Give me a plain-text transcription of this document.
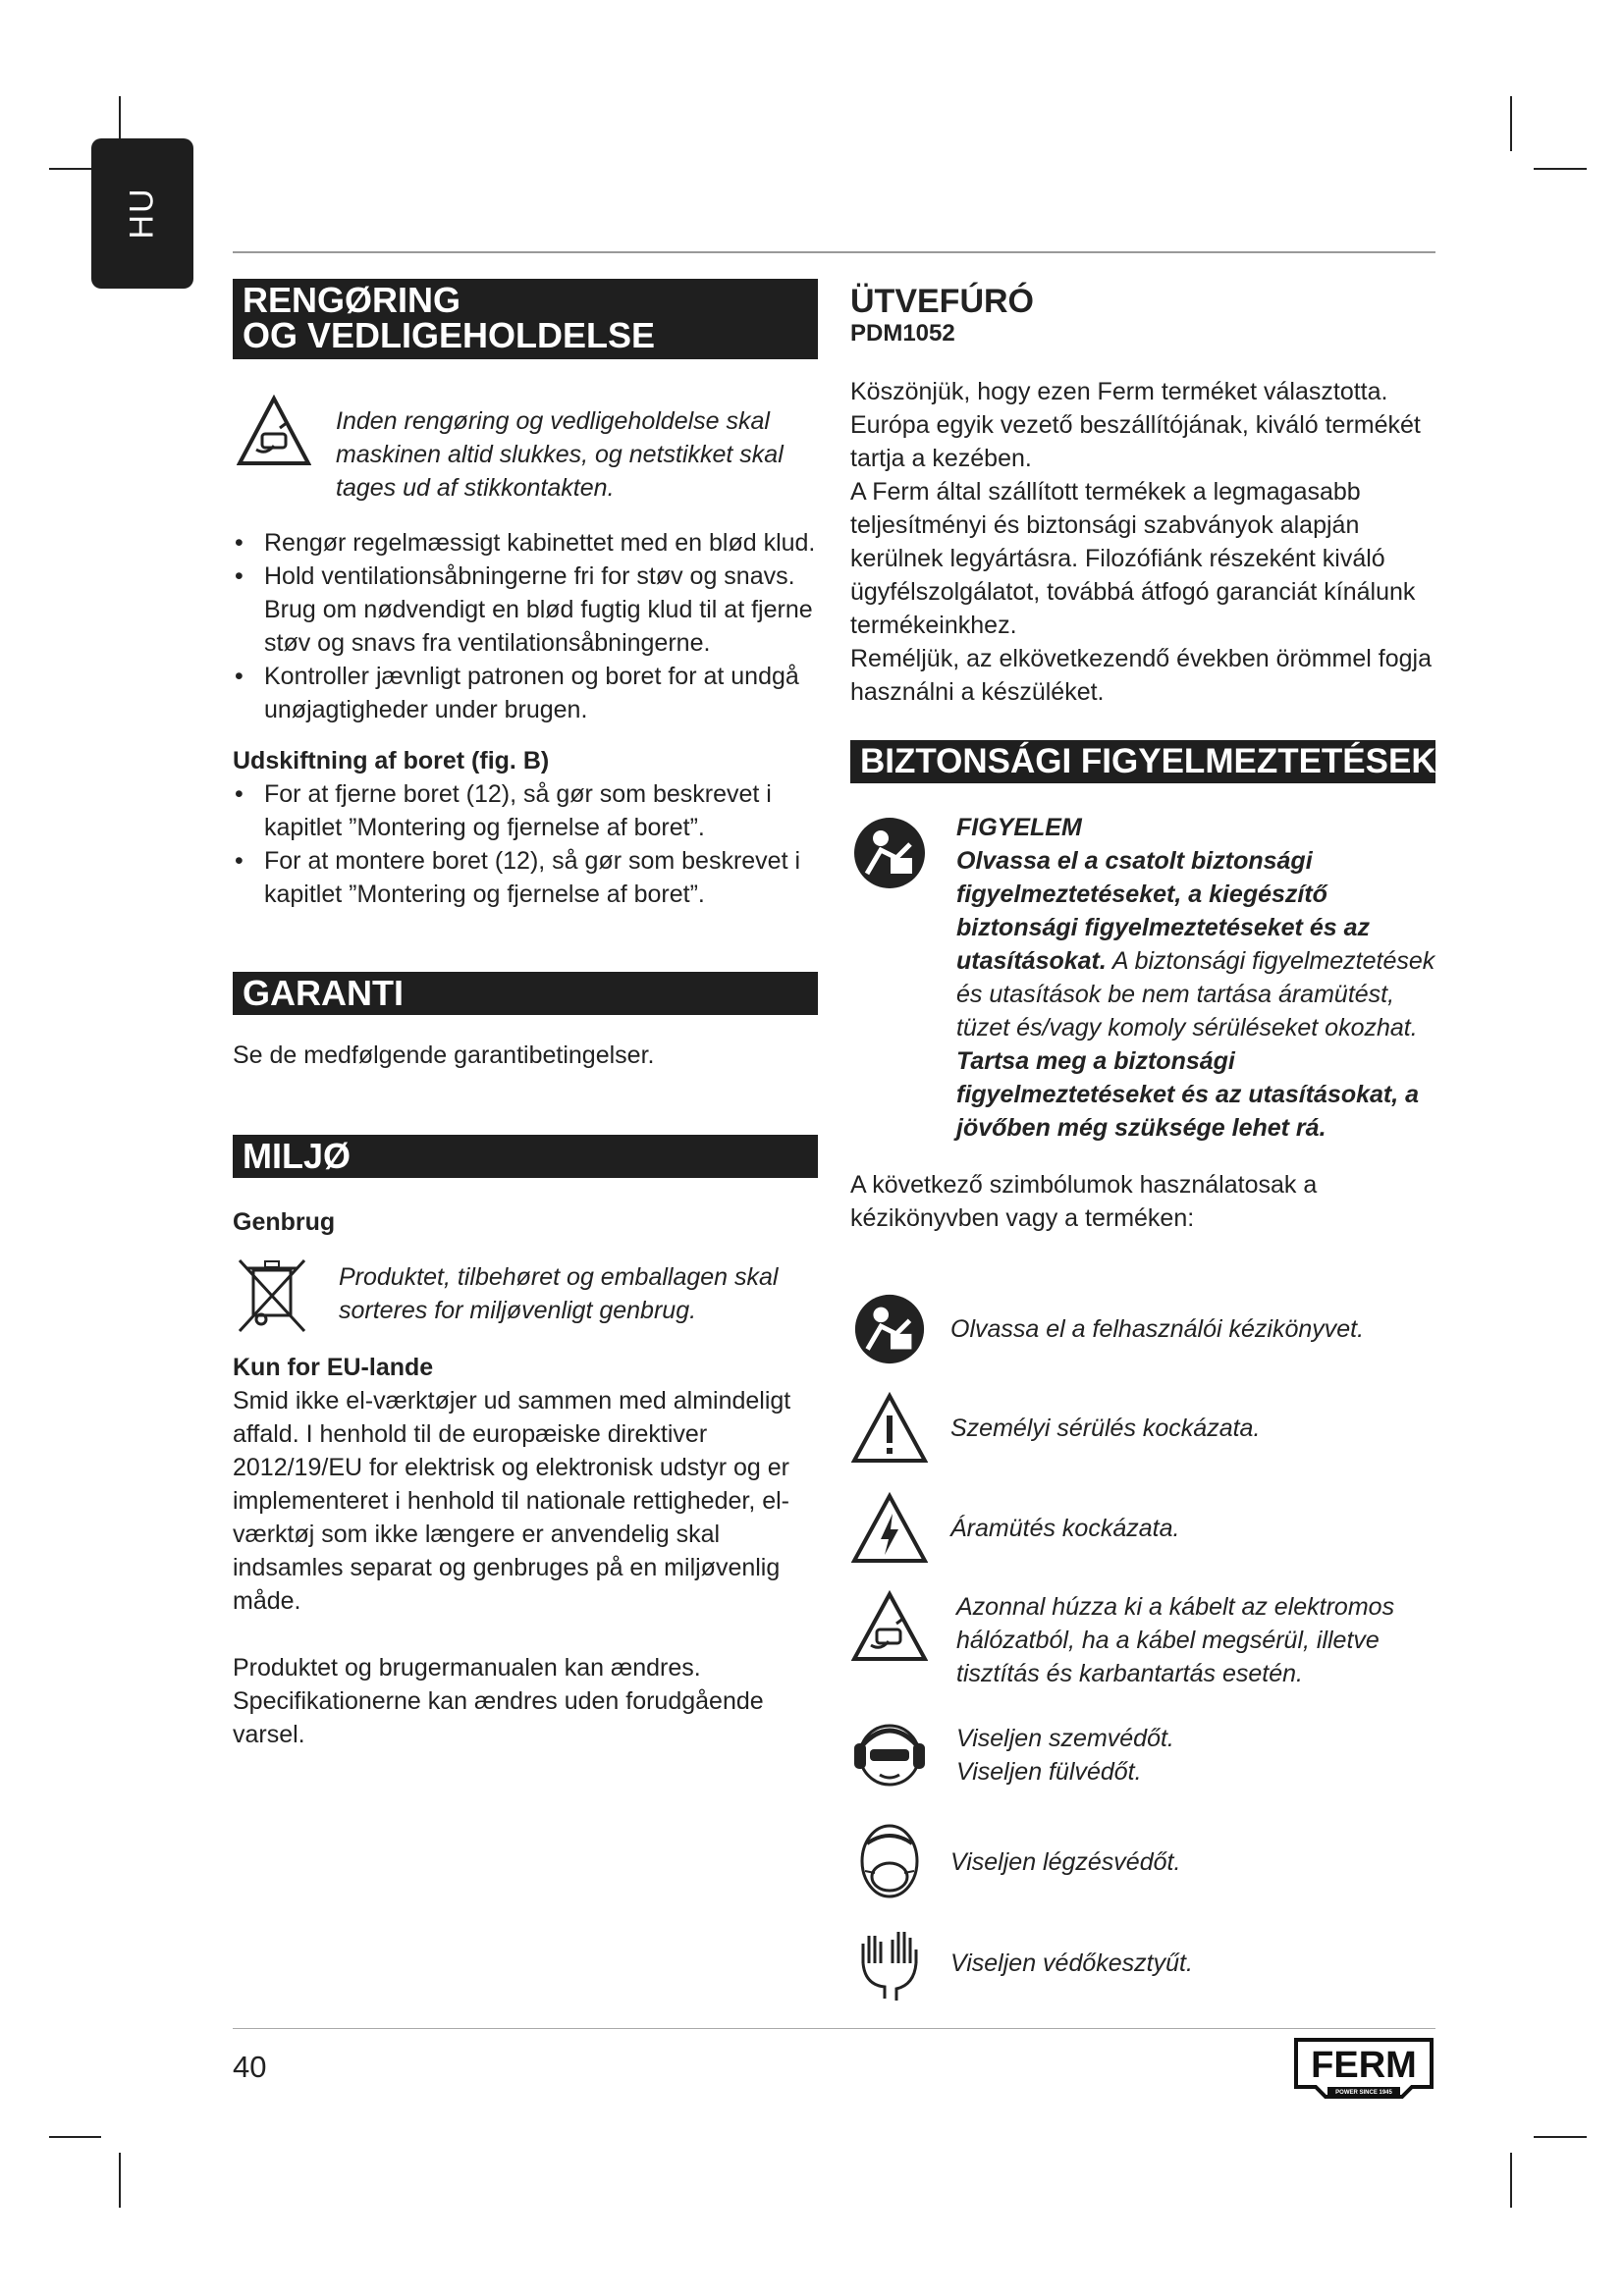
HU
RENGØRING
OG VEDLIGEHOLDELSE

Inden rengøring og vedligeholdelse skal maskinen altid slukkes, og netstikket skal tages ud af stikkontakten.

• Rengør regelmæssigt kabinettet med en blød klud.
• Hold ventilationsåbningerne fri for støv og snavs. Brug om nødvendigt en blød fugtig klud til at fjerne støv og snavs fra ventilationsåbningerne.
• Kontroller jævnligt patronen og boret for at undgå unøjagtigheder under brugen.

Udskiftning af boret (fig. B)

• For at fjerne boret (12), så gør som beskrevet i kapitlet ”Montering og fjernelse af boret”.
• For at montere boret (12), så gør som beskrevet i kapitlet ”Montering og fjernelse af boret”.
GARANTI

Se de medfølgende garantibetingelser.

MILJØ

Genbrug

Produktet, tilbehøret og emballagen skal sorteres for miljøvenligt genbrug.

Kun for EU-lande

Smid ikke el-værktøjer ud sammen med almindeligt affald. I henhold til de europæiske direktiver 2012/19/EU for elektrisk og elektronisk udstyr og er implementeret i henhold til nationale rettigheder, el-værktøj som ikke længere er anvendelig skal indsamles separat og genbruges på en miljøvenlig måde.

Produktet og brugermanualen kan ændres. Specifikationerne kan ændres uden forudgående varsel.

ÜTVEFÚRÓ
PDM1052

Köszönjük, hogy ezen Ferm terméket választotta. Európa egyik vezető beszállítójának, kiváló termékét tartja a kezében.

A Ferm által szállított termékek a legmagasabb teljesítményi és biztonsági szabványok alapján kerülnek legyártásra. Filozófiánk részeként kiváló ügyfélszolgálatot, továbbá átfogó garanciát kínálunk termékeinkhez.

Reméljük, az elkövetkezendő években örömmel fogja használni a készüléket.

BIZTONSÁGI FIGYELMEZTETÉSEK

FIGYELEM

Olvassa el a csatolt biztonsági figyelmeztetéseket, a kiegészítő biztonsági figyelmeztetéseket és az utasításokat. A biztonsági figyelmeztetések és utasítások be nem tartása áramütést, tüzet és/vagy komoly sérüléseket okozhat. Tartsa meg a biztonsági figyelmeztetéseket és az utasításokat, a jövőben még szüksége lehet rá.

A következő szimbólumok használatosak a kézikönyvben vagy a terméken:

Olvassa el a felhasználói kézikönyvet.
Személyi sérülés kockázata.
Áramütés kockázata.
Azonnal húzza ki a kábelt az elektromos hálózatból, ha a kábel megsérül, illetve tisztítás és karbantartás esetén.
Viseljen szemvédőt. Viseljen fülvédőt.
Viseljen légzésvédőt.
Viseljen védőkesztyűt.
40	FERM
POWER SINCE 1945
